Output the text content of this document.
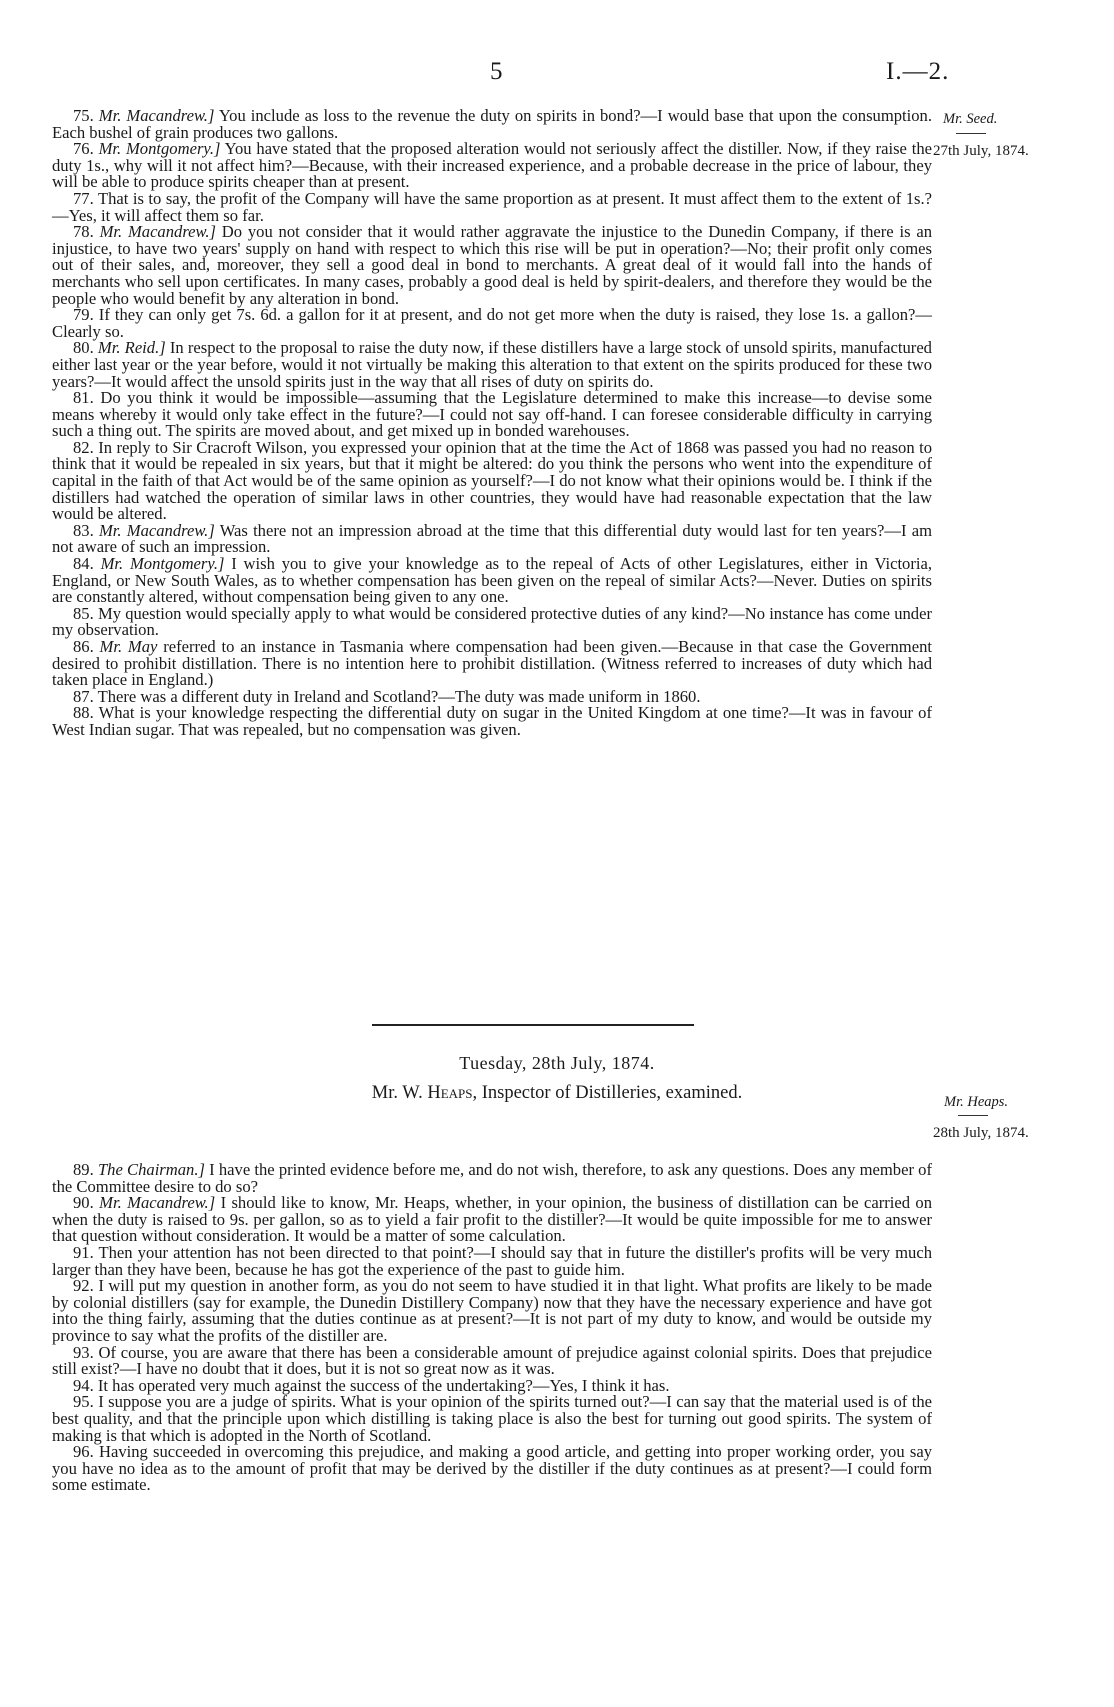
5	I.—2.
Mr. Seed.
27th July, 1874.

75. Mr. Macandrew.] You include as loss to the revenue the duty on spirits in bond?—I would base that upon the consumption. Each bushel of grain produces two gallons.

76. Mr. Montgomery.] You have stated that the proposed alteration would not seriously affect the distiller. Now, if they raise the duty 1s., why will it not affect him?—Because, with their increased experience, and a probable decrease in the price of labour, they will be able to produce spirits cheaper than at present.

77. That is to say, the profit of the Company will have the same proportion as at present. It must affect them to the extent of 1s.?—Yes, it will affect them so far.

78. Mr. Macandrew.] Do you not consider that it would rather aggravate the injustice to the Dunedin Company, if there is an injustice, to have two years' supply on hand with respect to which this rise will be put in operation?—No; their profit only comes out of their sales, and, moreover, they sell a good deal in bond to merchants. A great deal of it would fall into the hands of merchants who sell upon certificates. In many cases, probably a good deal is held by spirit-dealers, and therefore they would be the people who would benefit by any alteration in bond.

79. If they can only get 7s. 6d. a gallon for it at present, and do not get more when the duty is raised, they lose 1s. a gallon?—Clearly so.

80. Mr. Reid.] In respect to the proposal to raise the duty now, if these distillers have a large stock of unsold spirits, manufactured either last year or the year before, would it not virtually be making this alteration to that extent on the spirits produced for these two years?—It would affect the unsold spirits just in the way that all rises of duty on spirits do.

81. Do you think it would be impossible—assuming that the Legislature determined to make this increase—to devise some means whereby it would only take effect in the future?—I could not say off-hand. I can foresee considerable difficulty in carrying such a thing out. The spirits are moved about, and get mixed up in bonded warehouses.

82. In reply to Sir Cracroft Wilson, you expressed your opinion that at the time the Act of 1868 was passed you had no reason to think that it would be repealed in six years, but that it might be altered: do you think the persons who went into the expenditure of capital in the faith of that Act would be of the same opinion as yourself?—I do not know what their opinions would be. I think if the distillers had watched the operation of similar laws in other countries, they would have had reasonable expectation that the law would be altered.

83. Mr. Macandrew.] Was there not an impression abroad at the time that this differential duty would last for ten years?—I am not aware of such an impression.

84. Mr. Montgomery.] I wish you to give your knowledge as to the repeal of Acts of other Legislatures, either in Victoria, England, or New South Wales, as to whether compensation has been given on the repeal of similar Acts?—Never. Duties on spirits are constantly altered, without compensation being given to any one.

85. My question would specially apply to what would be considered protective duties of any kind?—No instance has come under my observation.

86. Mr. May referred to an instance in Tasmania where compensation had been given.—Because in that case the Government desired to prohibit distillation. There is no intention here to prohibit distillation. (Witness referred to increases of duty which had taken place in England.)

87. There was a different duty in Ireland and Scotland?—The duty was made uniform in 1860.

88. What is your knowledge respecting the differential duty on sugar in the United Kingdom at one time?—It was in favour of West Indian sugar. That was repealed, but no compensation was given.

Tuesday, 28th July, 1874.
Mr. W. Heaps, Inspector of Distilleries, examined.	Mr. Heaps.
28th July, 1874.

89. The Chairman.] I have the printed evidence before me, and do not wish, therefore, to ask any questions. Does any member of the Committee desire to do so?

90. Mr. Macandrew.] I should like to know, Mr. Heaps, whether, in your opinion, the business of distillation can be carried on when the duty is raised to 9s. per gallon, so as to yield a fair profit to the distiller?—It would be quite impossible for me to answer that question without consideration. It would be a matter of some calculation.

91. Then your attention has not been directed to that point?—I should say that in future the distiller's profits will be very much larger than they have been, because he has got the experience of the past to guide him.

92. I will put my question in another form, as you do not seem to have studied it in that light. What profits are likely to be made by colonial distillers (say for example, the Dunedin Distillery Company) now that they have the necessary experience and have got into the thing fairly, assuming that the duties continue as at present?—It is not part of my duty to know, and would be outside my province to say what the profits of the distiller are.

93. Of course, you are aware that there has been a considerable amount of prejudice against colonial spirits. Does that prejudice still exist?—I have no doubt that it does, but it is not so great now as it was.

94. It has operated very much against the success of the undertaking?—Yes, I think it has.

95. I suppose you are a judge of spirits. What is your opinion of the spirits turned out?—I can say that the material used is of the best quality, and that the principle upon which distilling is taking place is also the best for turning out good spirits. The system of making is that which is adopted in the North of Scotland.

96. Having succeeded in overcoming this prejudice, and making a good article, and getting into proper working order, you say you have no idea as to the amount of profit that may be derived by the distiller if the duty continues as at present?—I could form some estimate.
